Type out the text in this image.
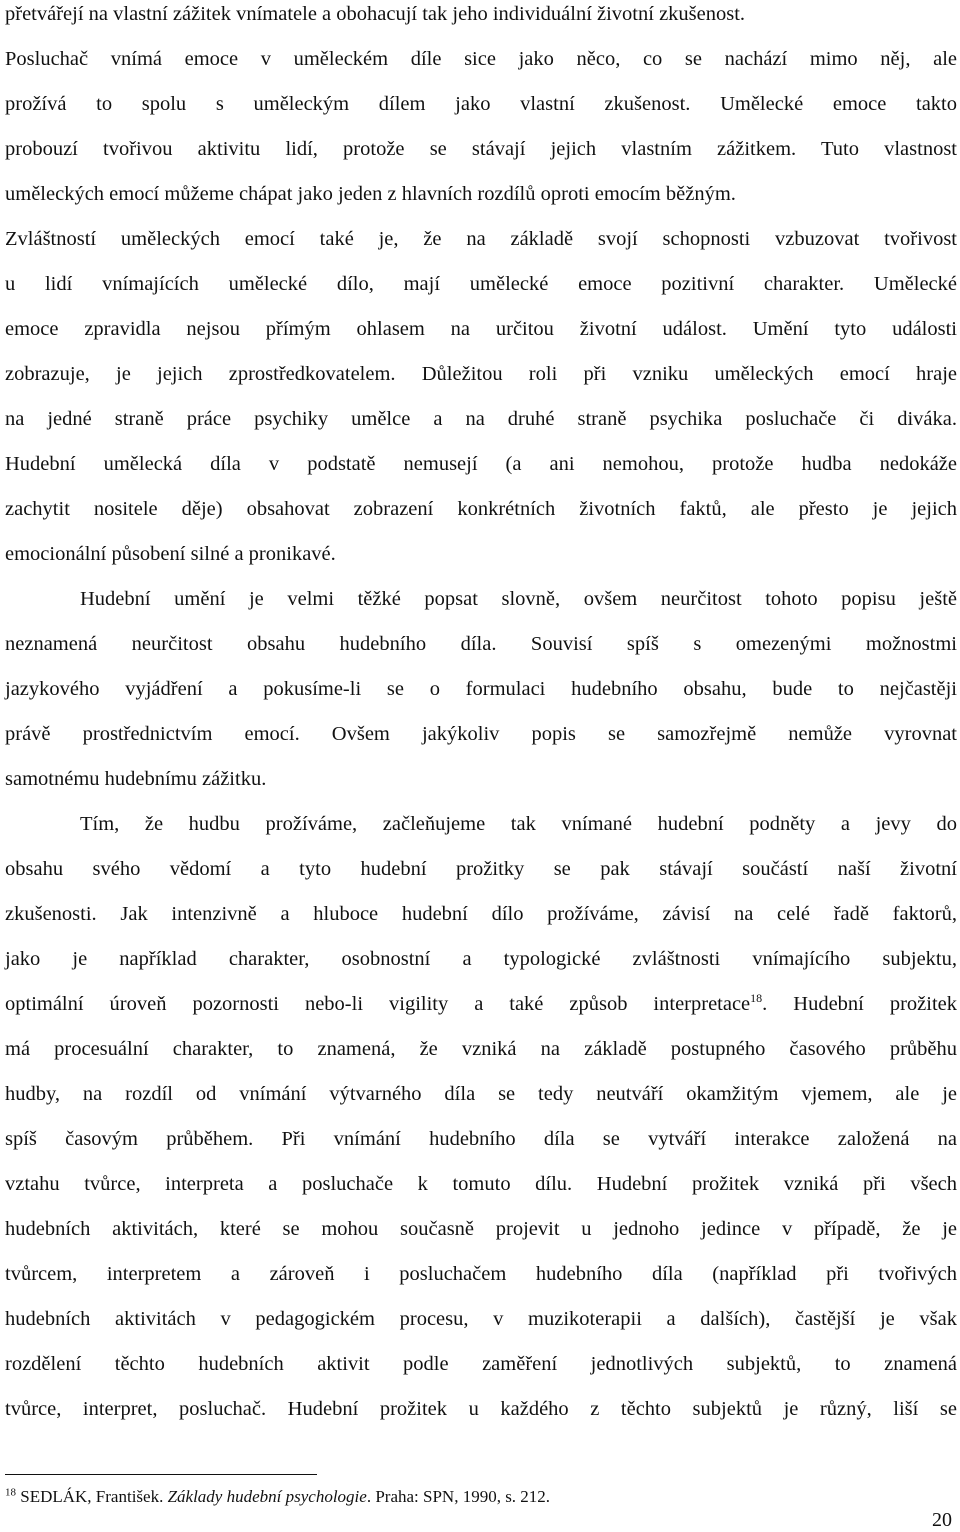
přetvářejí na vlastní zážitek vnímatele a obohacují tak jeho individuální životní zkušenost.
Posluchač vnímá emoce v uměleckém díle sice jako něco, co se nachází mimo něj, ale
prožívá to spolu s uměleckým dílem jako vlastní zkušenost. Umělecké emoce takto
probouzí tvořivou aktivitu lidí, protože se stávají jejich vlastním zážitkem. Tuto vlastnost
uměleckých emocí můžeme chápat jako jeden z hlavních rozdílů oproti emocím běžným.
Zvláštností uměleckých emocí také je, že na základě svojí schopnosti vzbuzovat tvořivost
u lidí vnímajících umělecké dílo, mají umělecké emoce pozitivní charakter. Umělecké
emoce zpravidla nejsou přímým ohlasem na určitou životní událost. Umění tyto události
zobrazuje, je jejich zprostředkovatelem. Důležitou roli při vzniku uměleckých emocí hraje
na jedné straně práce psychiky umělce a na druhé straně psychika posluchače či diváka.
Hudební umělecká díla v podstatě nemusejí (a ani nemohou, protože hudba nedokáže
zachytit nositele děje) obsahovat zobrazení konkrétních životních faktů, ale přesto je jejich
emocionální působení silné a pronikavé.
Hudební umění je velmi těžké popsat slovně, ovšem neurčitost tohoto popisu ještě
neznamená neurčitost obsahu hudebního díla. Souvisí spíš s omezenými možnostmi
jazykového vyjádření a pokusíme-li se o formulaci hudebního obsahu, bude to nejčastěji
právě prostřednictvím emocí. Ovšem jakýkoliv popis se samozřejmě nemůže vyrovnat
samotnému hudebnímu zážitku.
Tím, že hudbu prožíváme, začleňujeme tak vnímané hudební podněty a jevy do
obsahu svého vědomí a tyto hudební prožitky se pak stávají součástí naší životní
zkušenosti. Jak intenzivně a hluboce hudební dílo prožíváme, závisí na celé řadě faktorů,
jako je například charakter, osobnostní a typologické zvláštnosti vnímajícího subjektu,
optimální úroveň pozornosti nebo-li vigility a také způsob interpretace$^{18}$. Hudební prožitek
má procesuální charakter, to znamená, že vzniká na základě postupného časového průběhu
hudby, na rozdíl od vnímání výtvarného díla se tedy neutváří okamžitým vjemem, ale je
spíš časovým průběhem. Při vnímání hudebního díla se vytváří interakce založená na
vztahu tvůrce, interpreta a posluchače k tomuto dílu. Hudební prožitek vzniká při všech
hudebních aktivitách, které se mohou současně projevit u jednoho jedince v případě, že je
tvůrcem, interpretem a zároveň i posluchačem hudebního díla (například při tvořivých
hudebních aktivitách v pedagogickém procesu, v muzikoterapii a dalších), častější je však
rozdělení těchto hudebních aktivit podle zaměření jednotlivých subjektů, to znamená
tvůrce, interpret, posluchač. Hudební prožitek u každého z těchto subjektů je různý, liší se
$^{18}$ SEDLÁK, František. Základy hudební psychologie. Praha: SPN, 1990, s. 212.
20
